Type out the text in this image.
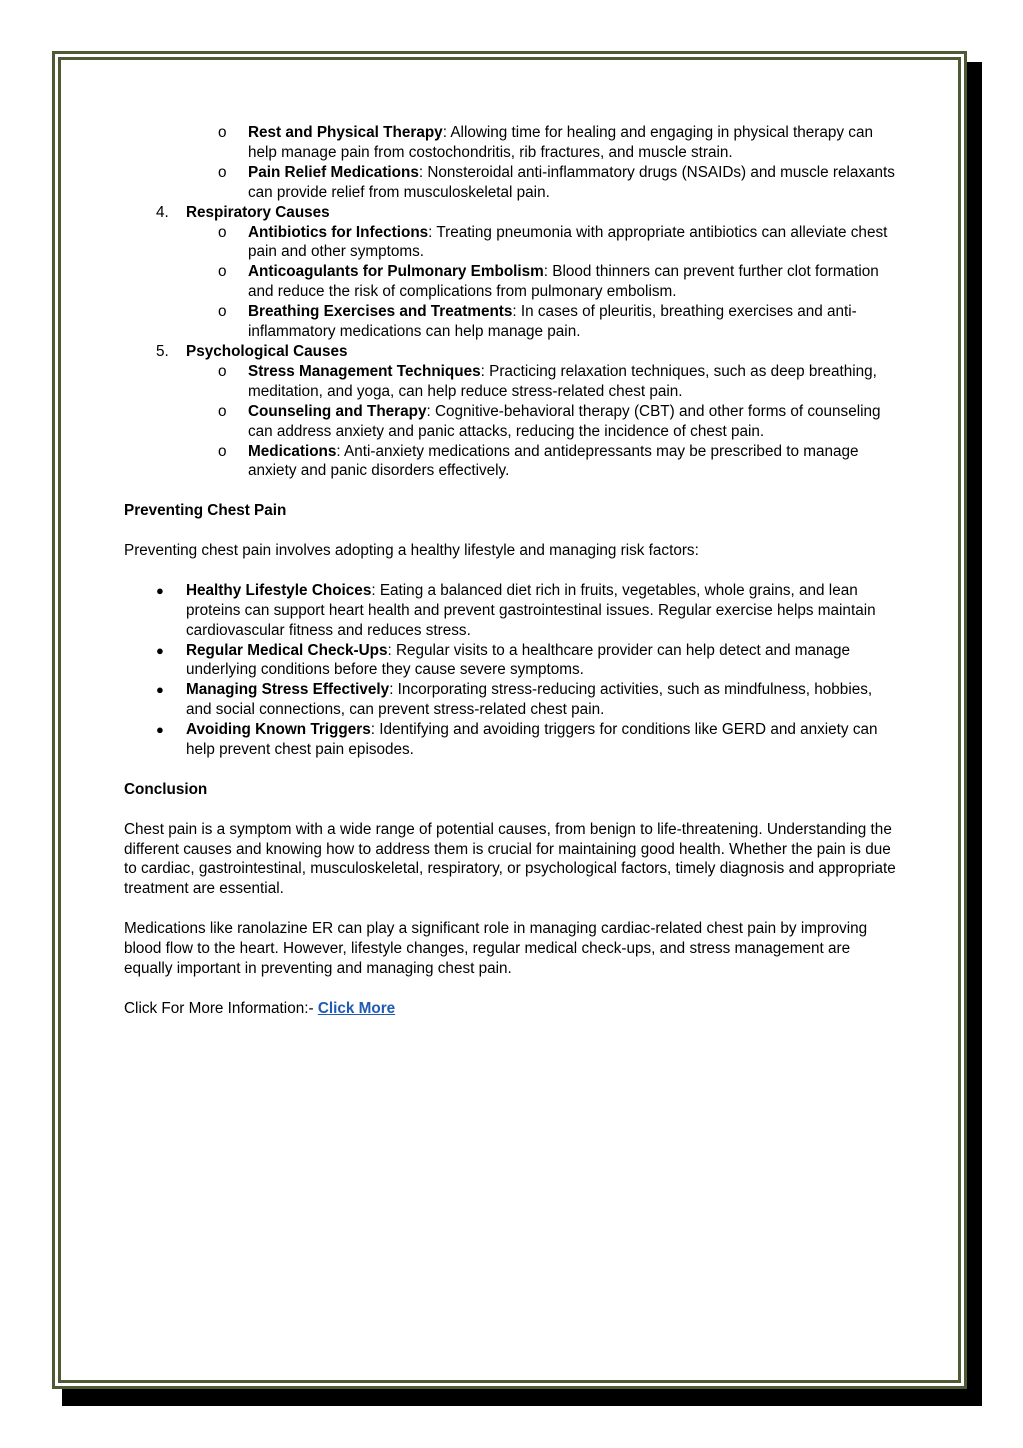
o Rest and Physical Therapy: Allowing time for healing and engaging in physical therapy can help manage pain from costochondritis, rib fractures, and muscle strain.
o Pain Relief Medications: Nonsteroidal anti-inflammatory drugs (NSAIDs) and muscle relaxants can provide relief from musculoskeletal pain.
4. Respiratory Causes
o Antibiotics for Infections: Treating pneumonia with appropriate antibiotics can alleviate chest pain and other symptoms.
o Anticoagulants for Pulmonary Embolism: Blood thinners can prevent further clot formation and reduce the risk of complications from pulmonary embolism.
o Breathing Exercises and Treatments: In cases of pleuritis, breathing exercises and anti-inflammatory medications can help manage pain.
5. Psychological Causes
o Stress Management Techniques: Practicing relaxation techniques, such as deep breathing, meditation, and yoga, can help reduce stress-related chest pain.
o Counseling and Therapy: Cognitive-behavioral therapy (CBT) and other forms of counseling can address anxiety and panic attacks, reducing the incidence of chest pain.
o Medications: Anti-anxiety medications and antidepressants may be prescribed to manage anxiety and panic disorders effectively.

Preventing Chest Pain

Preventing chest pain involves adopting a healthy lifestyle and managing risk factors:

● Healthy Lifestyle Choices: Eating a balanced diet rich in fruits, vegetables, whole grains, and lean proteins can support heart health and prevent gastrointestinal issues. Regular exercise helps maintain cardiovascular fitness and reduces stress.
● Regular Medical Check-Ups: Regular visits to a healthcare provider can help detect and manage underlying conditions before they cause severe symptoms.
● Managing Stress Effectively: Incorporating stress-reducing activities, such as mindfulness, hobbies, and social connections, can prevent stress-related chest pain.
● Avoiding Known Triggers: Identifying and avoiding triggers for conditions like GERD and anxiety can help prevent chest pain episodes.

Conclusion

Chest pain is a symptom with a wide range of potential causes, from benign to life-threatening. Understanding the different causes and knowing how to address them is crucial for maintaining good health. Whether the pain is due to cardiac, gastrointestinal, musculoskeletal, respiratory, or psychological factors, timely diagnosis and appropriate treatment are essential.

Medications like ranolazine ER can play a significant role in managing cardiac-related chest pain by improving blood flow to the heart. However, lifestyle changes, regular medical check-ups, and stress management are equally important in preventing and managing chest pain.

Click For More Information:- Click More
